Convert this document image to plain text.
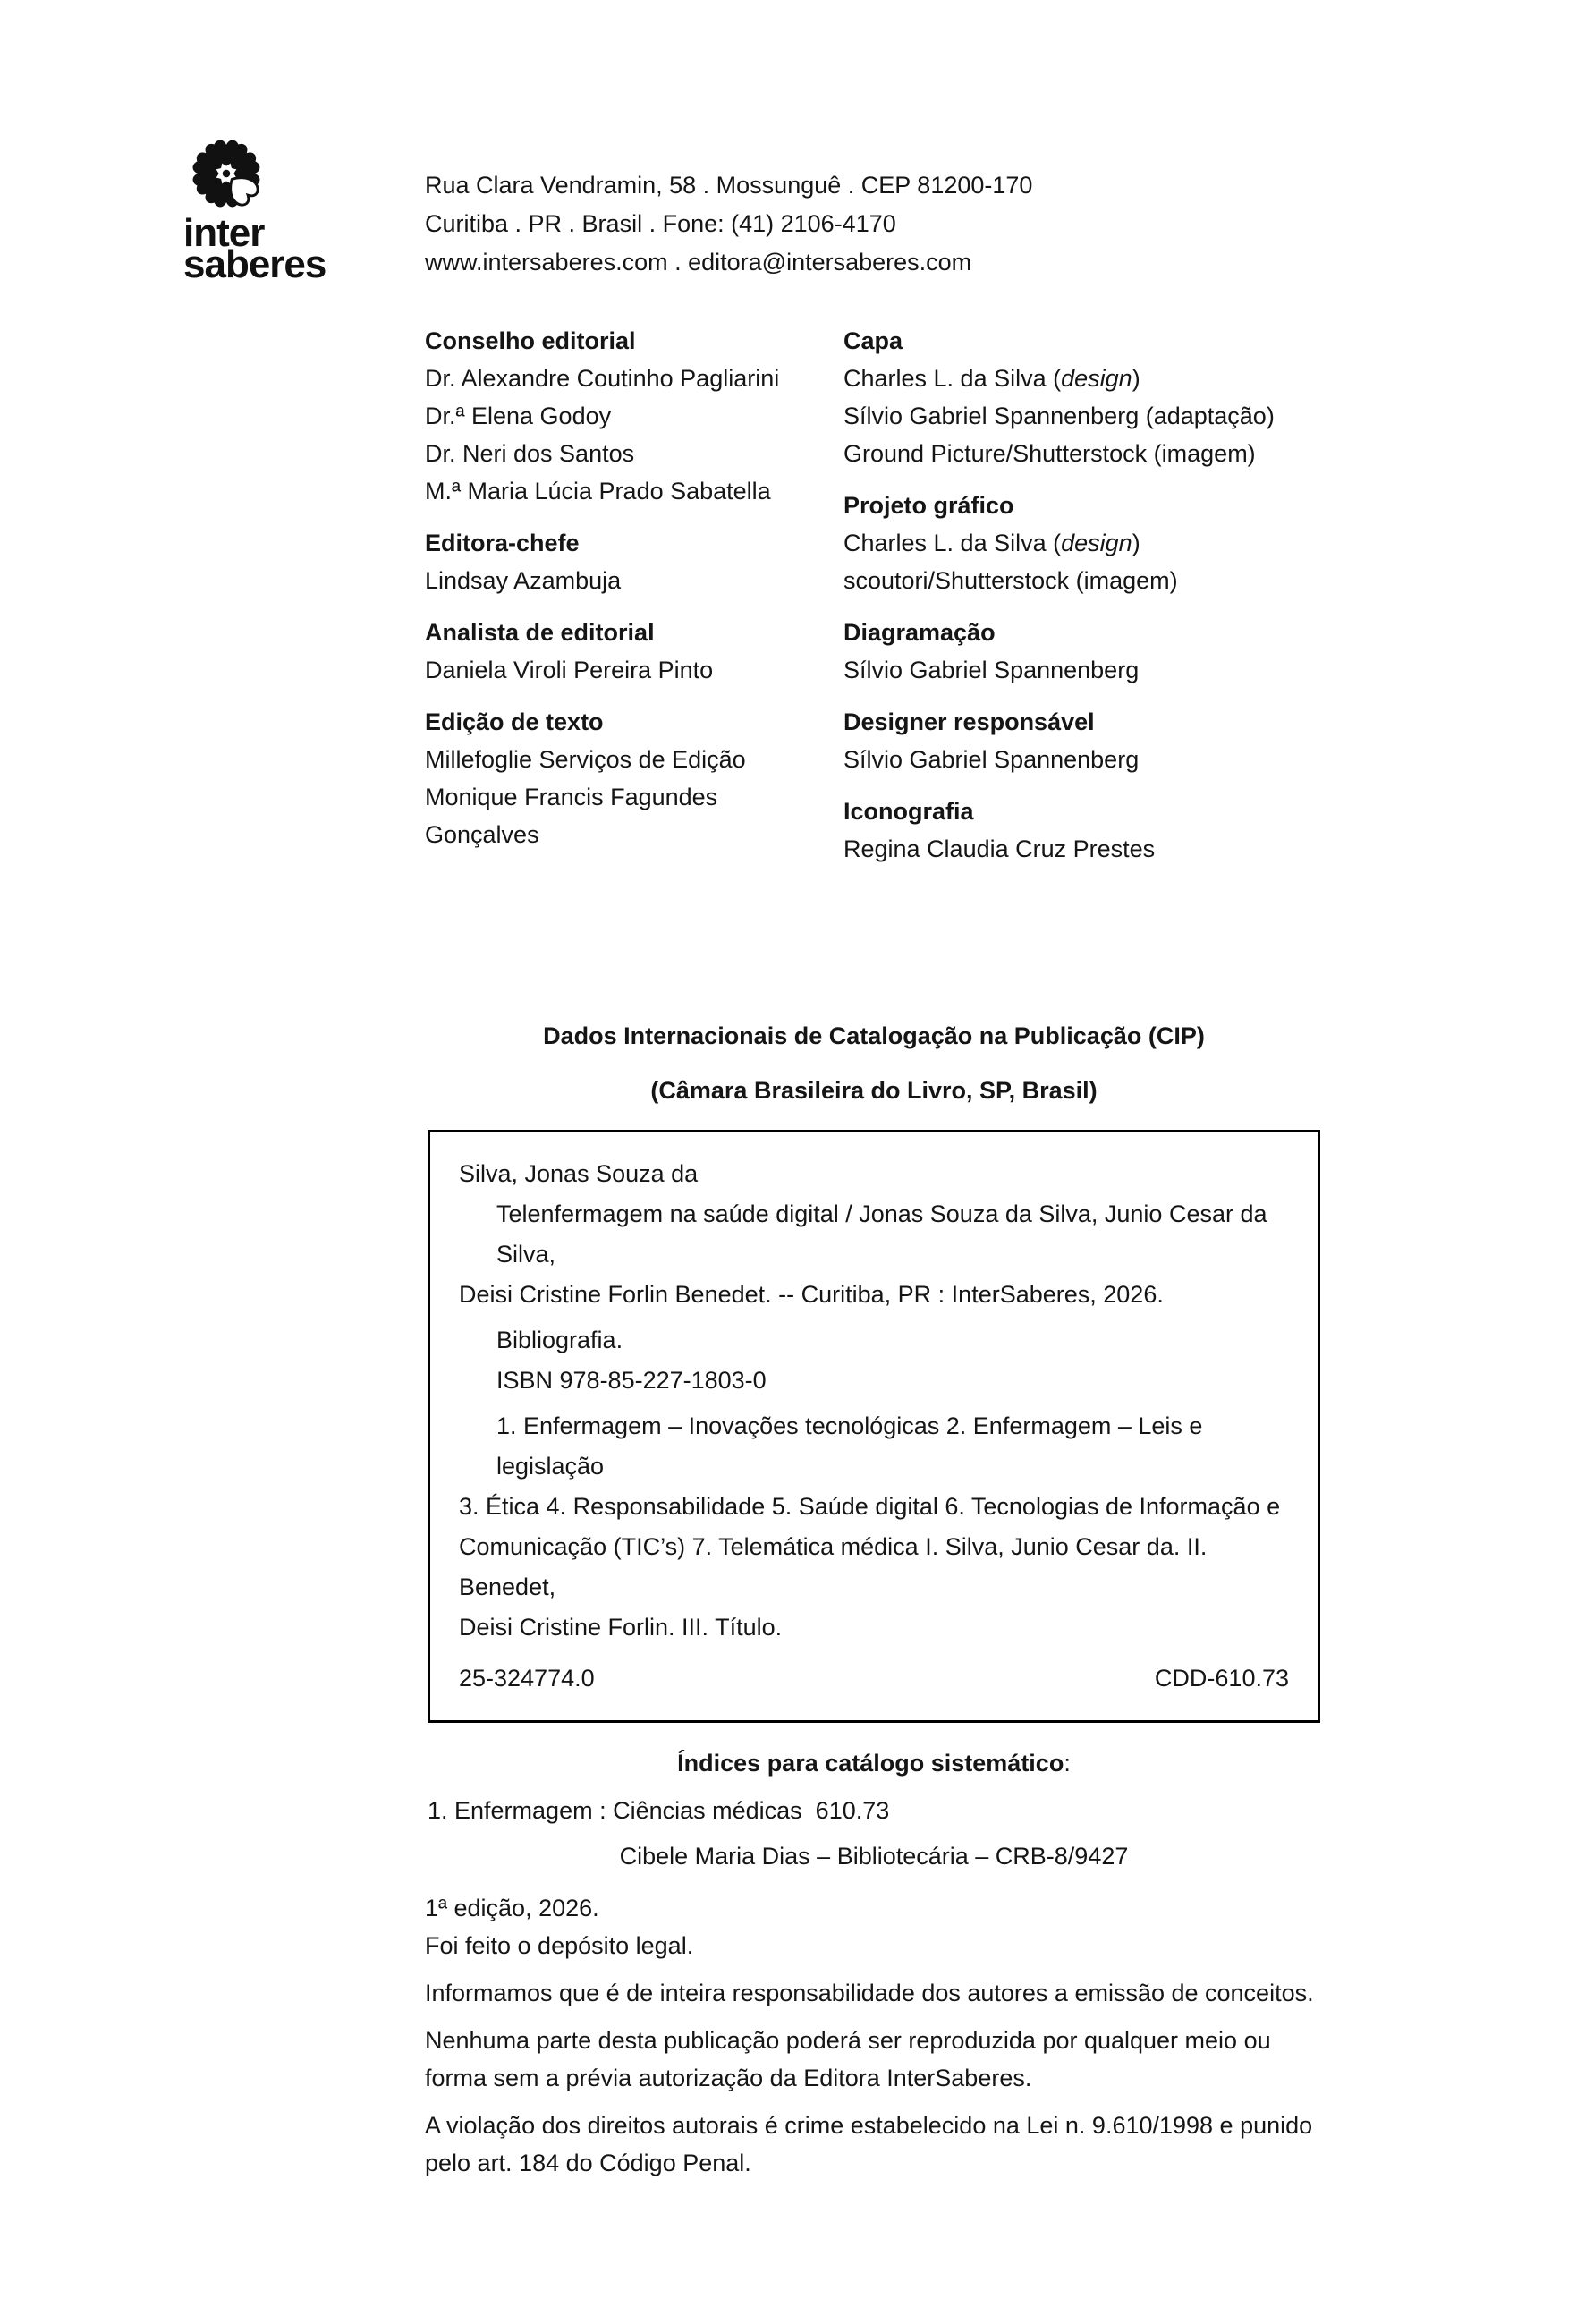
inter
saberes
Rua Clara Vendramin, 58 . Mossunguê . CEP 81200-170
Curitiba . PR . Brasil . Fone: (41) 2106-4170
www.intersaberes.com . editora@intersaberes.com
Conselho editorial
Dr. Alexandre Coutinho Pagliarini
Dr.ª Elena Godoy
Dr. Neri dos Santos
M.ª Maria Lúcia Prado Sabatella
Editora-chefe
Lindsay Azambuja
Analista de editorial
Daniela Viroli Pereira Pinto
Edição de texto
Millefoglie Serviços de Edição
Monique Francis Fagundes Gonçalves
Capa
Charles L. da Silva (design)
Sílvio Gabriel Spannenberg (adaptação)
Ground Picture/Shutterstock (imagem)
Projeto gráfico
Charles L. da Silva (design)
scoutori/Shutterstock (imagem)
Diagramação
Sílvio Gabriel Spannenberg
Designer responsável
Sílvio Gabriel Spannenberg
Iconografia
Regina Claudia Cruz Prestes
Dados Internacionais de Catalogação na Publicação (CIP)
(Câmara Brasileira do Livro, SP, Brasil)
Silva, Jonas Souza da
Telenfermagem na saúde digital / Jonas Souza da Silva, Junio Cesar da Silva,
Deisi Cristine Forlin Benedet. -- Curitiba, PR : InterSaberes, 2026.
Bibliografia.
ISBN 978-85-227-1803-0
1. Enfermagem – Inovações tecnológicas 2. Enfermagem – Leis e legislação
3. Ética 4. Responsabilidade 5. Saúde digital 6. Tecnologias de Informação e
Comunicação (TIC’s) 7. Telemática médica I. Silva, Junio Cesar da. II. Benedet,
Deisi Cristine Forlin. III. Título.
25-324774.0	CDD-610.73
Índices para catálogo sistemático:
1. Enfermagem : Ciências médicas  610.73
Cibele Maria Dias – Bibliotecária – CRB-8/9427
1ª edição, 2026.
Foi feito o depósito legal.
Informamos que é de inteira responsabilidade dos autores a emissão de conceitos.
Nenhuma parte desta publicação poderá ser reproduzida por qualquer meio ou
forma sem a prévia autorização da Editora InterSaberes.
A violação dos direitos autorais é crime estabelecido na Lei n. 9.610/1998 e punido
pelo art. 184 do Código Penal.
